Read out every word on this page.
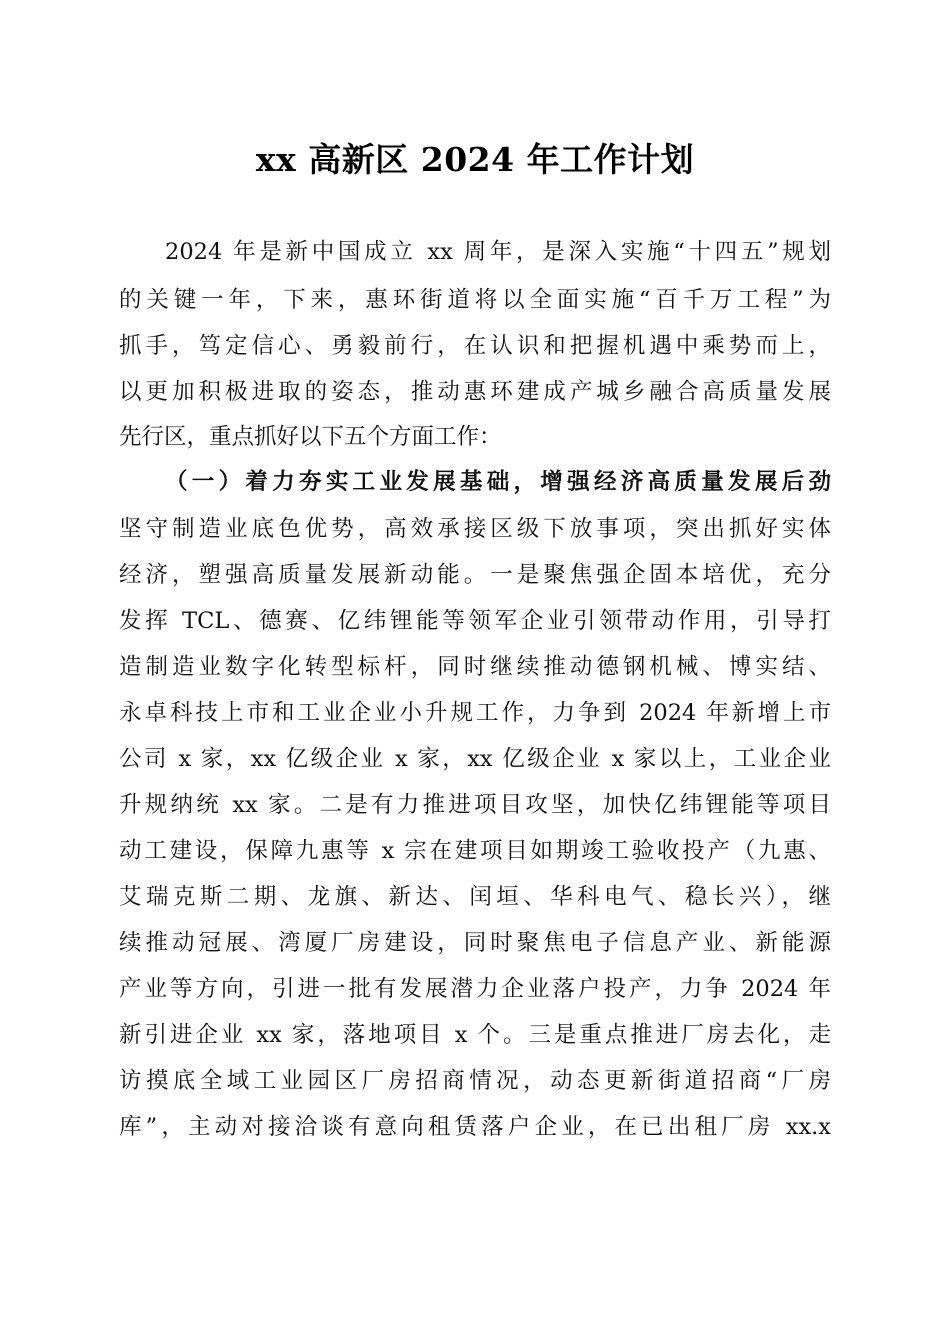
xx 高新区 2024 年工作计划
2024 年是新中国成立 xx 周年，是深入实施“十四五”规划
的关键一年，下来，惠环街道将以全面实施“百千万工程”为
抓手，笃定信心、勇毅前行，在认识和把握机遇中乘势而上，
以更加积极进取的姿态，推动惠环建成产城乡融合高质量发展
先行区，重点抓好以下五个方面工作：
（一）着力夯实工业发展基础，增强经济高质量发展后劲
坚守制造业底色优势，高效承接区级下放事项，突出抓好实体
经济，塑强高质量发展新动能。一是聚焦强企固本培优，充分
发挥 TCL、德赛、亿纬锂能等领军企业引领带动作用，引导打
造制造业数字化转型标杆，同时继续推动德钢机械、博实结、
永卓科技上市和工业企业小升规工作，力争到 2024 年新增上市
公司 x 家，xx 亿级企业 x 家，xx 亿级企业 x 家以上，工业企业
升规纳统 xx 家。二是有力推进项目攻坚，加快亿纬锂能等项目
动工建设，保障九惠等 x 宗在建项目如期竣工验收投产（九惠、
艾瑞克斯二期、龙旗、新达、闰垣、华科电气、稳长兴），继
续推动冠展、湾厦厂房建设，同时聚焦电子信息产业、新能源
产业等方向，引进一批有发展潜力企业落户投产，力争 2024 年
新引进企业 xx 家，落地项目 x 个。三是重点推进厂房去化，走
访摸底全域工业园区厂房招商情况，动态更新街道招商“厂房
库”，主动对接洽谈有意向租赁落户企业，在已出租厂房 xx.x
